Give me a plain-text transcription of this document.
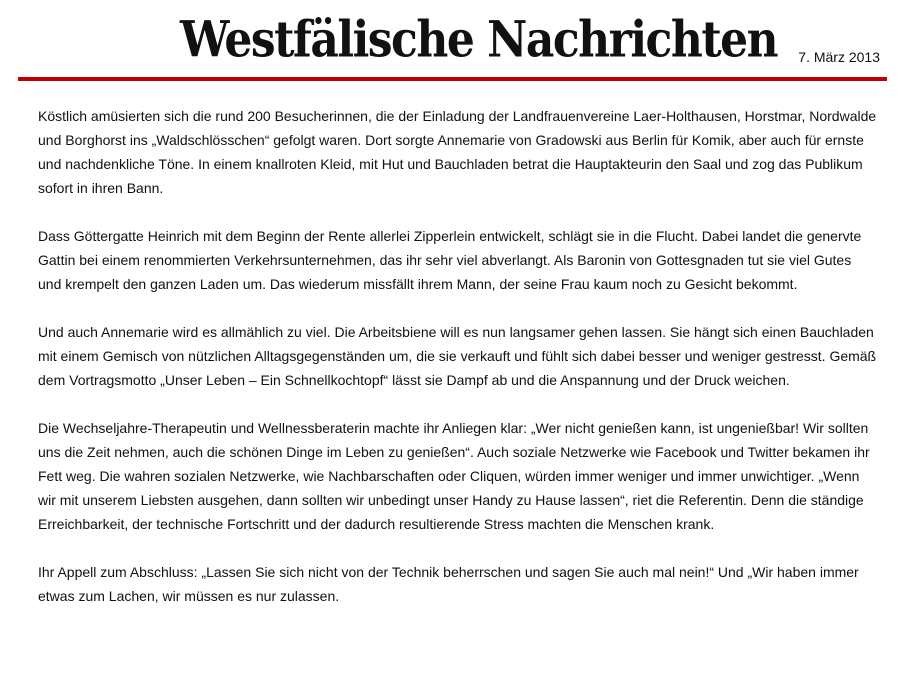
Westfälische Nachrichten 7. März 2013

Köstlich amüsierten sich die rund 200 Besucherinnen, die der Einladung der Landfrauenvereine Laer-Holthausen, Horstmar, Nordwalde und Borghorst ins „Waldschlösschen“ gefolgt waren. Dort sorgte Annemarie von Gradowski aus Berlin für Komik, aber auch für ernste und nachdenkliche Töne. In einem knallroten Kleid, mit Hut und Bauchladen betrat die Hauptakteurin den Saal und zog das Publikum sofort in ihren Bann.

Dass Göttergatte Heinrich mit dem Beginn der Rente allerlei Zipperlein entwickelt, schlägt sie in die Flucht. Dabei landet die genervte Gattin bei einem renommierten Verkehrsunternehmen, das ihr sehr viel abverlangt. Als Baronin von Gottesgnaden tut sie viel Gutes und krempelt den ganzen Laden um. Das wiederum missfällt ihrem Mann, der seine Frau kaum noch zu Gesicht bekommt.

Und auch Annemarie wird es allmählich zu viel. Die Arbeitsbiene will es nun langsamer gehen lassen. Sie hängt sich einen Bauchladen mit einem Gemisch von nützlichen Alltagsgegenständen um, die sie verkauft und fühlt sich dabei besser und weniger gestresst. Gemäß dem Vortragsmotto „Unser Leben – Ein Schnellkochtopf“ lässt sie Dampf ab und die Anspannung und der Druck weichen.

Die Wechseljahre-Therapeutin und Wellnessberaterin machte ihr Anliegen klar: „Wer nicht genießen kann, ist ungenießbar! Wir sollten uns die Zeit nehmen, auch die schönen Dinge im Leben zu genießen“. Auch soziale Netzwerke wie Facebook und Twitter bekamen ihr Fett weg. Die wahren sozialen Netzwerke, wie Nachbarschaften oder Cliquen, würden immer weniger und immer unwichtiger. „Wenn wir mit unserem Liebsten ausgehen, dann sollten wir unbedingt unser Handy zu Hause lassen“, riet die Referentin. Denn die ständige Erreichbarkeit, der technische Fortschritt und der dadurch resultierende Stress machten die Menschen krank.

Ihr Appell zum Abschluss: „Lassen Sie sich nicht von der Technik beherrschen und sagen Sie auch mal nein!“ Und „Wir haben immer etwas zum Lachen, wir müssen es nur zulassen.
